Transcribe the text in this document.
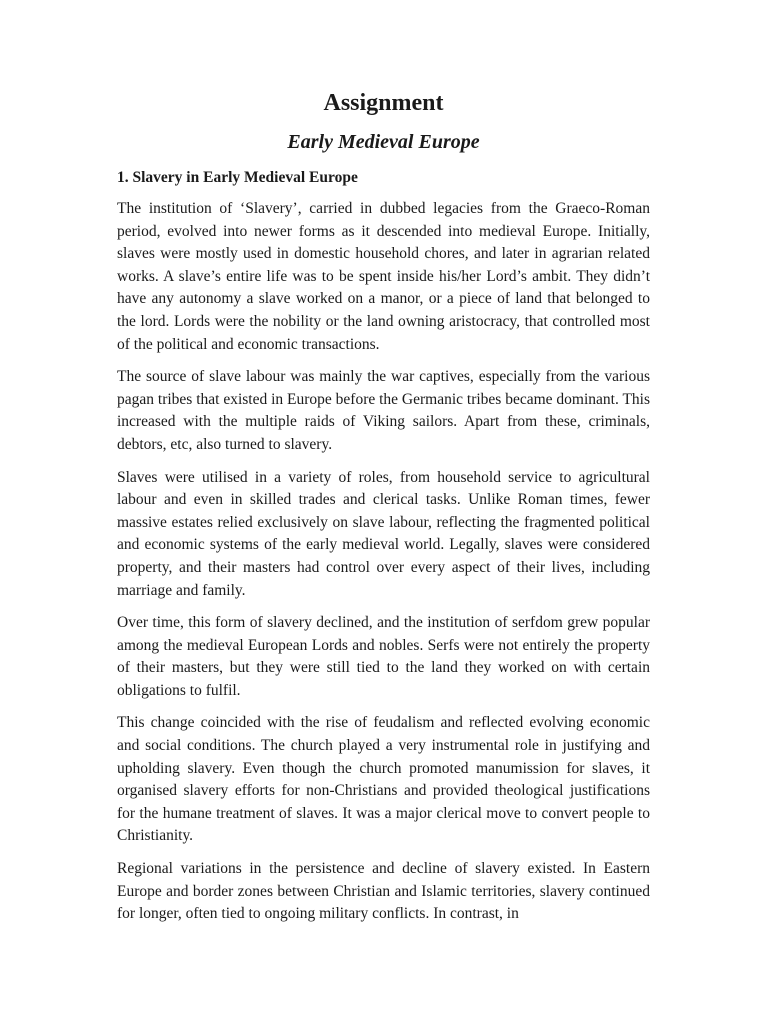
Assignment
Early Medieval Europe
1. Slavery in Early Medieval Europe

The institution of ‘Slavery’, carried in dubbed legacies from the Graeco-Roman period, evolved into newer forms as it descended into medieval Europe. Initially, slaves were mostly used in domestic household chores, and later in agrarian related works. A slave’s entire life was to be spent inside his/her Lord’s ambit. They didn’t have any autonomy a slave worked on a manor, or a piece of land that belonged to the lord. Lords were the nobility or the land owning aristocracy, that controlled most of the political and economic transactions.

The source of slave labour was mainly the war captives, especially from the various pagan tribes that existed in Europe before the Germanic tribes became dominant. This increased with the multiple raids of Viking sailors. Apart from these, criminals, debtors, etc, also turned to slavery.

Slaves were utilised in a variety of roles, from household service to agricultural labour and even in skilled trades and clerical tasks. Unlike Roman times, fewer massive estates relied exclusively on slave labour, reflecting the fragmented political and economic systems of the early medieval world. Legally, slaves were considered property, and their masters had control over every aspect of their lives, including marriage and family.

Over time, this form of slavery declined, and the institution of serfdom grew popular among the medieval European Lords and nobles. Serfs were not entirely the property of their masters, but they were still tied to the land they worked on with certain obligations to fulfil.

This change coincided with the rise of feudalism and reflected evolving economic and social conditions. The church played a very instrumental role in justifying and upholding slavery. Even though the church promoted manumission for slaves, it organised slavery efforts for non-Christians and provided theological justifications for the humane treatment of slaves. It was a major clerical move to convert people to Christianity.

Regional variations in the persistence and decline of slavery existed. In Eastern Europe and border zones between Christian and Islamic territories, slavery continued for longer, often tied to ongoing military conflicts. In contrast, in
